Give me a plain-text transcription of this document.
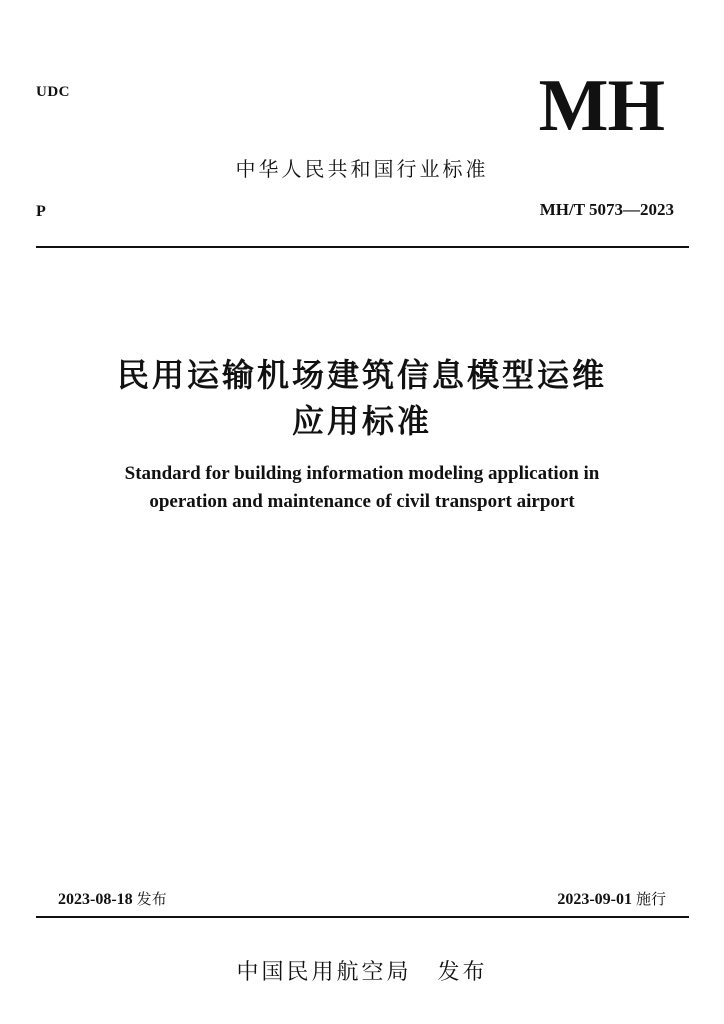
UDC	MH
中华人民共和国行业标准
P	MH/T 5073—2023
民用运输机场建筑信息模型运维
应用标准
Standard for building information modeling application in
operation and maintenance of civil transport airport
2023-08-18 发布	2023-09-01 施行
中国民用航空局 发布
